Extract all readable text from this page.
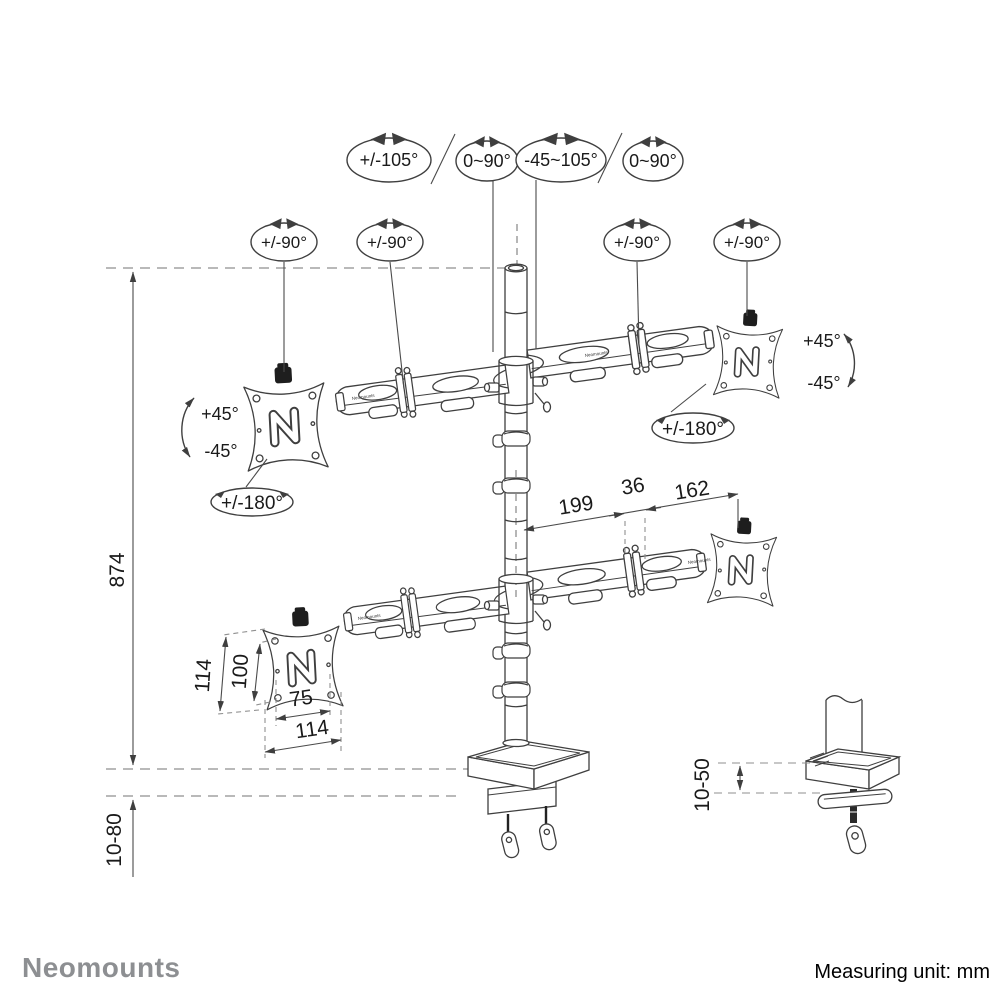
Neomounts
Neomounts
Neomounts
Neomounts
874
10-80
199
36 162
114 100
75
114
10-50
+/-105° 0~90° -45~105° 0~90°
+/-90°	+/-90°	+/-90°	+/-90°
+45°
-45°
+45°
-45°
+/-180°
+/-180°
Neomounts	Measuring unit: mm
